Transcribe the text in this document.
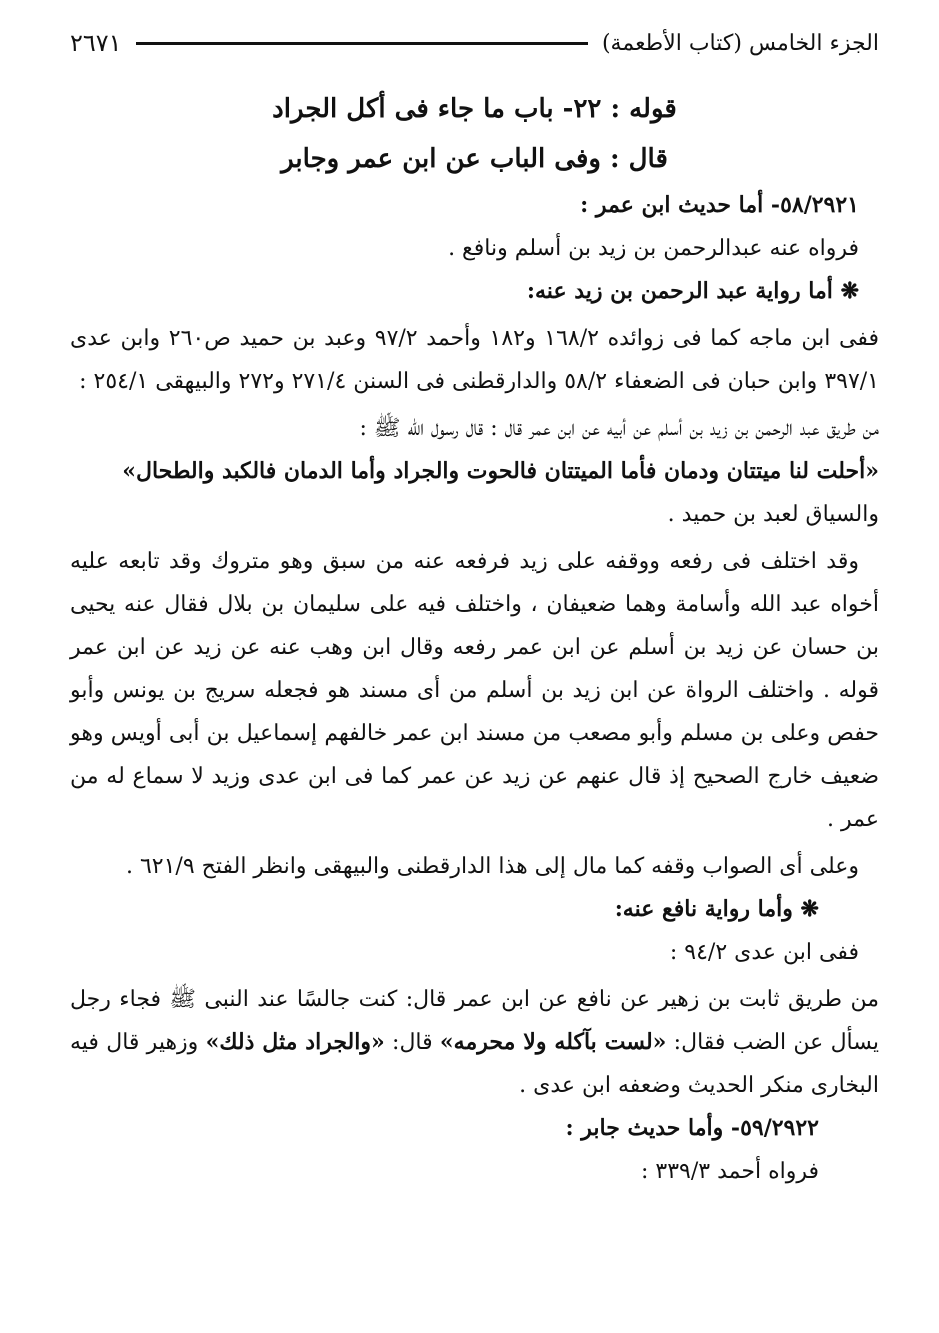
الجزء الخامس (كتاب الأطعمة)
٢٦٧١

قوله : ٢٢- باب ما جاء فى أكل الجراد

قال : وفى الباب عن ابن عمر وجابر

٥٨/٢٩٢١- أما حديث ابن عمر :

فرواه عنه عبدالرحمن بن زيد بن أسلم ونافع .

❋ أما رواية عبد الرحمن بن زيد عنه:

ففى ابن ماجه كما فى زوائده ١٦٨/٢ و١٨٢ وأحمد ٩٧/٢ وعبد بن حميد ص٢٦٠ وابن عدى ٣٩٧/١ وابن حبان فى الضعفاء ٥٨/٢ والدارقطنى فى السنن ٢٧١/٤ و٢٧٢ والبيهقى ٢٥٤/١ :

من طريق عبد الرحمن بن زيد بن أسلم عن أبيه عن ابن عمر قال : قال رسول الله ﷺ :

«أحلت لنا ميتتان ودمان فأما الميتتان فالحوت والجراد وأما الدمان فالكبد والطحال»

والسياق لعبد بن حميد .

وقد اختلف فى رفعه ووقفه على زيد فرفعه عنه من سبق وهو متروك وقد تابعه عليه أخواه عبد الله وأسامة وهما ضعيفان ، واختلف فيه على سليمان بن بلال فقال عنه يحيى بن حسان عن زيد بن أسلم عن ابن عمر رفعه وقال ابن وهب عنه عن زيد عن ابن عمر قوله . واختلف الرواة عن ابن زيد بن أسلم من أى مسند هو فجعله سريج بن يونس وأبو حفص وعلى بن مسلم وأبو مصعب من مسند ابن عمر خالفهم إسماعيل بن أبى أويس وهو ضعيف خارج الصحيح إذ قال عنهم عن زيد عن عمر كما فى ابن عدى وزيد لا سماع له من عمر .

وعلى أى الصواب وقفه كما مال إلى هذا الدارقطنى والبيهقى وانظر الفتح ٦٢١/٩ .

❋ وأما رواية نافع عنه:

ففى ابن عدى ٩٤/٢ :

من طريق ثابت بن زهير عن نافع عن ابن عمر قال: كنت جالسًا عند النبى ﷺ فجاء رجل يسأل عن الضب فقال: «لست بآكله ولا محرمه» قال: «والجراد مثل ذلك» وزهير قال فيه البخارى منكر الحديث وضعفه ابن عدى .

٥٩/٢٩٢٢- وأما حديث جابر :

فرواه أحمد ٣٣٩/٣ :
